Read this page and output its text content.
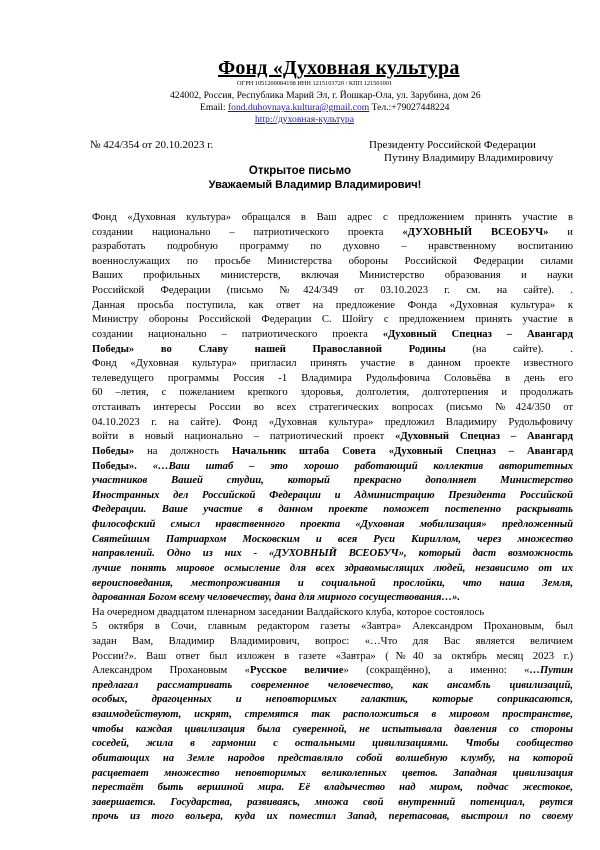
Фонд «Духовная культура
ОГРН 1051200084198 ИНН 1215103720 / КПП 121501001
424002, Россия, Республика Марий Эл, г. Йошкар-Ола, ул. Зарубина, дом 26
Email: fond.duhovnaya.kultura@gmail.com Тел.:+79027448224
http://духовная-культура
№ 424/354 от 20.10.2023 г.	Президенту Российской Федерации
Путину Владимиру Владимировичу
Открытое письмо
Уважаемый Владимир Владимирович!
Фонд «Духовная культура» обращался в Ваш адрес с предложением принять участие в
создании национально – патриотического проекта «ДУХОВНЫЙ ВСЕОБУЧ» и
разработать подробную программу по духовно – нравственному воспитанию
военнослужащих по просьбе Министерства обороны Российской Федерации силами
Ваших профильных министерств, включая Министерство образования и науки
Российской Федерации (письмо №424/349 от 03.10.2023 г. см. на сайте). .
Данная просьба поступила, как ответ на предложение Фонда «Духовная культура» к
Министру обороны Российской Федерации С. Шойгу с предложением принять участие в
создании национально – патриотического проекта «Духовный Спецназ – Авангард
Победы» во Славу нашей Православной Родины (на сайте). .
Фонд «Духовная культура» пригласил принять участие в данном проекте известного
телеведущего программы Россия -1 Владимира Рудольфовича Соловьёва в день его
60 –летия, с пожеланием крепкого здоровья, долголетия, долготерпения и продолжать
отстаивать интересы России во всех стратегических вопросах (письмо №424/350 от
04.10.2023 г. на сайте). Фонд «Духовная культура» предложил Владимиру Рудольфовичу
войти в новый национально – патриотический проект «Духовный Спецназ – Авангард
Победы» на должность Начальник штаба Совета «Духовный Спецназ – Авангард
Победы». «…Ваш штаб – это хорошо работающий коллектив авторитетных
участников Вашей студии, который прекрасно дополняет Министерство
Иностранных дел Российской Федерации и Администрацию Президента Российской
Федерации. Ваше участие в данном проекте поможет постепенно раскрывать
философский смысл нравственного проекта «Духовная мобилизация» предложенный
Святейшим Патриархом Московским и всея Руси Кириллом, через множество
направлений. Одно из них - «ДУХОВНЫЙ ВСЕОБУЧ», который даст возможность
лучше понять мировое осмысление для всех здравомыслящих людей, независимо от их
вероисповедания, местопроживания и социальной прослойки, что наша Земля,
дарованная Богом всему человечеству, дана для мирного сосуществования…».
На очередном двадцатом пленарном заседании Валдайского клуба, которое состоялось
5 октября в Сочи, главным редактором газеты «Завтра» Александром Прохановым, был
задан Вам, Владимир Владимирович, вопрос: «…Что для Вас является величием
России?». Ваш ответ был изложен в газете «Завтра» (№40 за октябрь месяц 2023 г.)
Александром Прохановым «Русское величие» (сокращённо), а именно: «…Путин
предлагал рассматривать современное человечество, как ансамбль цивилизаций,
особых, драгоценных и неповторимых галактик, которые соприкасаются,
взаимодействуют, искрят, стремятся так расположиться в мировом пространстве,
чтобы каждая цивилизация была суверенной, не испытывала давления со стороны
соседей, жила в гармонии с остальными цивилизациями. Чтобы сообщество
обитающих на Земле народов представляло собой волшебную клумбу, на которой
расцветает множество неповторимых великолепных цветов. Западная цивилизация
перестаёт быть вершиной мира. Её владычество над миром, подчас жестокое,
завершается. Государства, развиваясь, множа свой внутренний потенциал, рвутся
прочь из того вольера, куда их поместил Запад, перетасовав, выстроил по своему
